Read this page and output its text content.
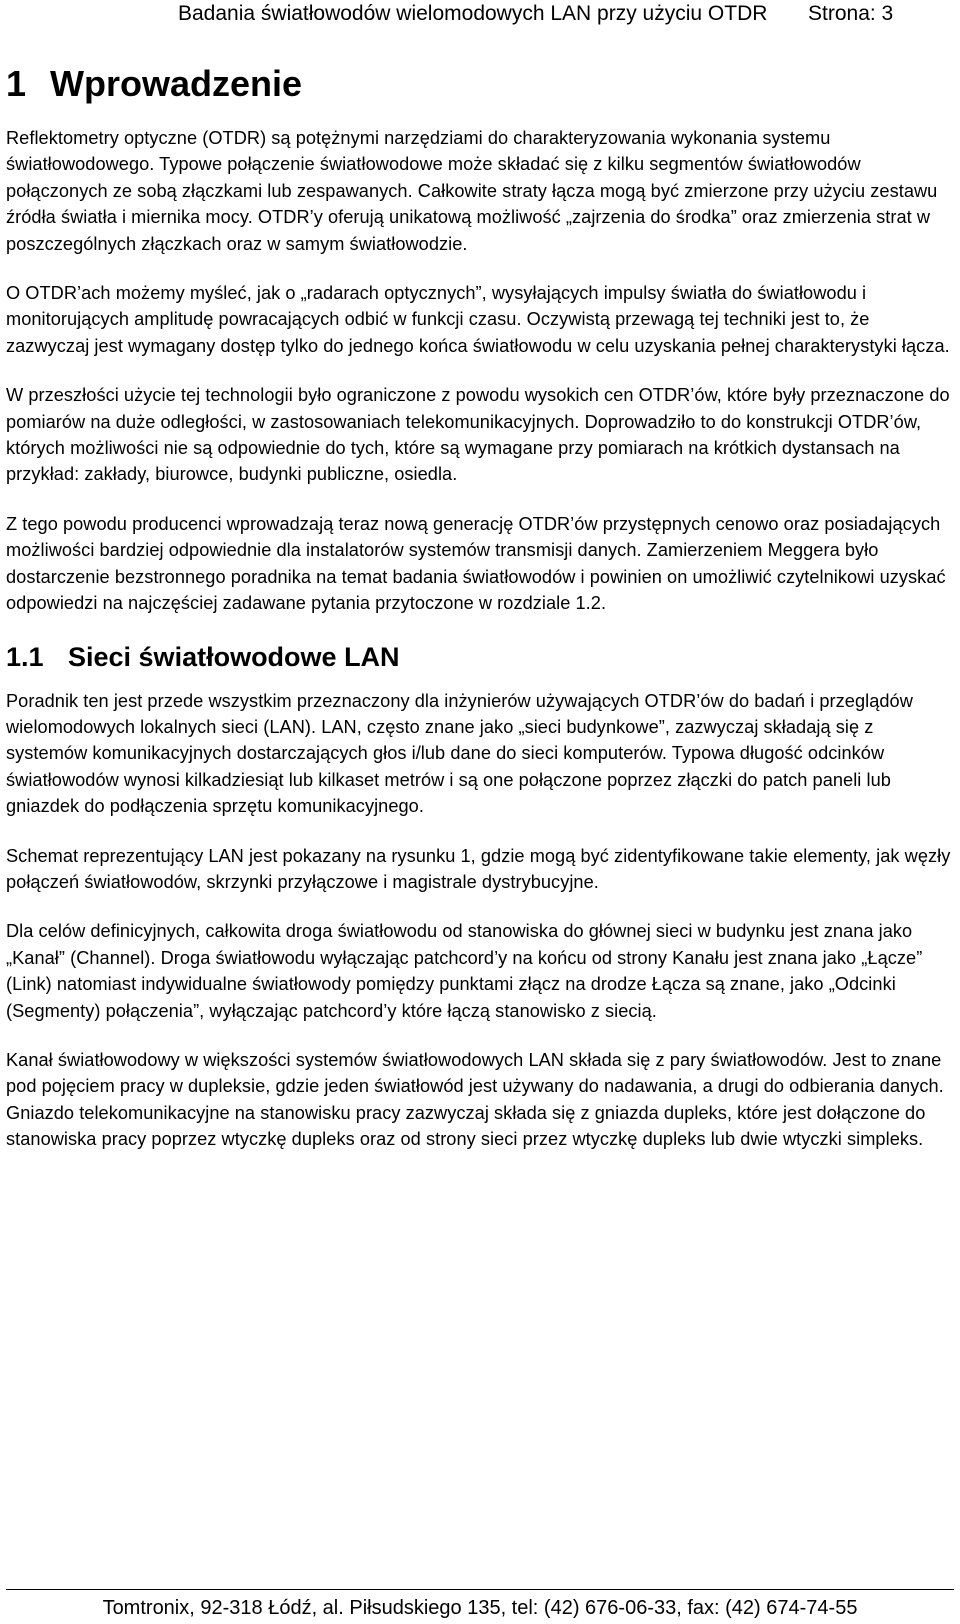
Badania światłowodów wielomodowych LAN przy użyciu OTDR Strona: 3
1 Wprowadzenie

Reflektometry optyczne (OTDR) są potężnymi narzędziami do charakteryzowania wykonania systemu światłowodowego. Typowe połączenie światłowodowe może składać się z kilku segmentów światłowodów połączonych ze sobą złączkami lub zespawanych. Całkowite straty łącza mogą być zmierzone przy użyciu zestawu źródła światła i miernika mocy. OTDR’y oferują unikatową możliwość „zajrzenia do środka” oraz zmierzenia strat w poszczególnych złączkach oraz w samym światłowodzie.

O OTDR’ach możemy myśleć, jak o „radarach optycznych”, wysyłających impulsy światła do światłowodu i monitorujących amplitudę powracających odbić w funkcji czasu. Oczywistą przewagą tej techniki jest to, że zazwyczaj jest wymagany dostęp tylko do jednego końca światłowodu w celu uzyskania pełnej charakterystyki łącza.

W przeszłości użycie tej technologii było ograniczone z powodu wysokich cen OTDR’ów, które były przeznaczone do pomiarów na duże odległości, w zastosowaniach telekomunikacyjnych. Doprowadziło to do konstrukcji OTDR’ów, których możliwości nie są odpowiednie do tych, które są wymagane przy pomiarach na krótkich dystansach na przykład: zakłady, biurowce, budynki publiczne, osiedla.

Z tego powodu producenci wprowadzają teraz nową generację OTDR’ów przystępnych cenowo oraz posiadających możliwości bardziej odpowiednie dla instalatorów systemów transmisji danych. Zamierzeniem Meggera było dostarczenie bezstronnego poradnika na temat badania światłowodów i powinien on umożliwić czytelnikowi uzyskać odpowiedzi na najczęściej zadawane pytania przytoczone w rozdziale 1.2.

1.1 Sieci światłowodowe LAN

Poradnik ten jest przede wszystkim przeznaczony dla inżynierów używających OTDR’ów do badań i przeglądów wielomodowych lokalnych sieci (LAN). LAN, często znane jako „sieci budynkowe”, zazwyczaj składają się z systemów komunikacyjnych dostarczających głos i/lub dane do sieci komputerów. Typowa długość odcinków światłowodów wynosi kilkadziesiąt lub kilkaset metrów i są one połączone poprzez złączki do patch paneli lub gniazdek do podłączenia sprzętu komunikacyjnego.

Schemat reprezentujący LAN jest pokazany na rysunku 1, gdzie mogą być zidentyfikowane takie elementy, jak węzły połączeń światłowodów, skrzynki przyłączowe i magistrale dystrybucyjne.

Dla celów definicyjnych, całkowita droga światłowodu od stanowiska do głównej sieci w budynku jest znana jako „Kanał” (Channel). Droga światłowodu wyłączając patchcord’y na końcu od strony Kanału jest znana jako „Łącze” (Link) natomiast indywidualne światłowody pomiędzy punktami złącz na drodze Łącza są znane, jako „Odcinki (Segmenty) połączenia”, wyłączając patchcord’y które łączą stanowisko z siecią.

Kanał światłowodowy w większości systemów światłowodowych LAN składa się z pary światłowodów. Jest to znane pod pojęciem pracy w dupleksie, gdzie jeden światłowód jest używany do nadawania, a drugi do odbierania danych. Gniazdo telekomunikacyjne na stanowisku pracy zazwyczaj składa się z gniazda dupleks, które jest dołączone do stanowiska pracy poprzez wtyczkę dupleks oraz od strony sieci przez wtyczkę dupleks lub dwie wtyczki simpleks.

Tomtronix, 92-318 Łódź, al. Piłsudskiego 135, tel: (42) 676-06-33, fax: (42) 674-74-55
